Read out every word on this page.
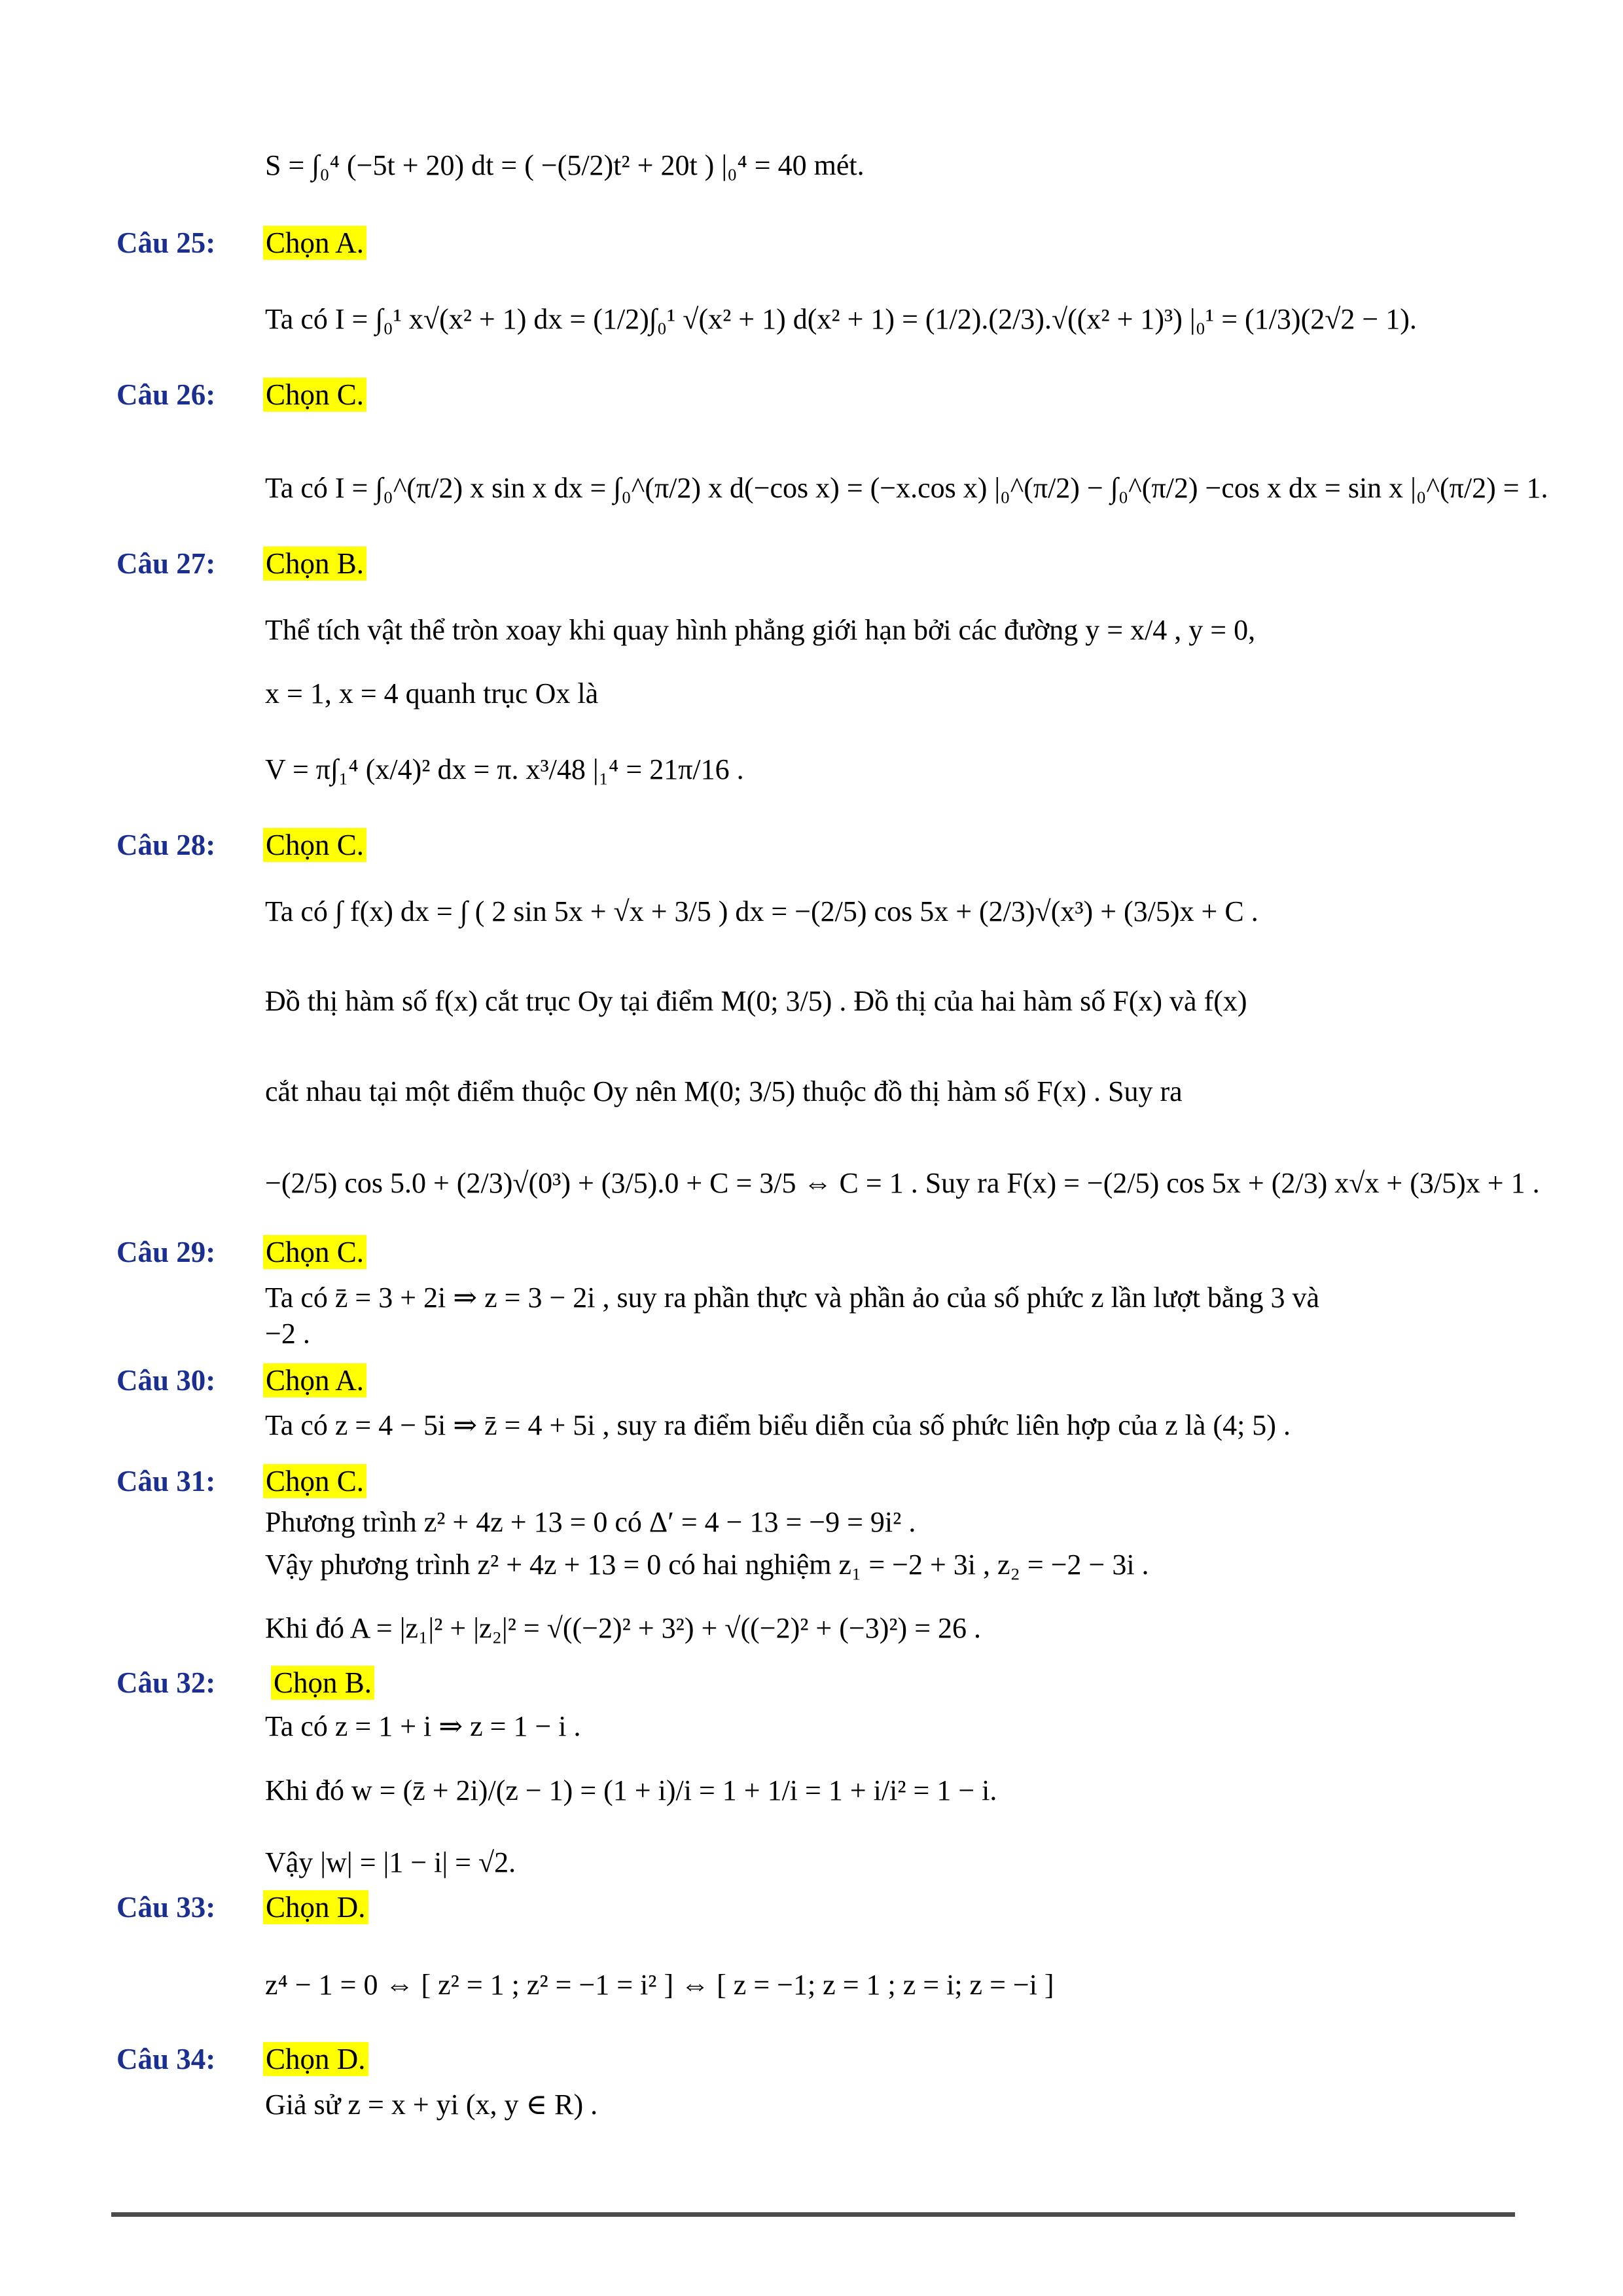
S = ∫₀⁴ (−5t + 20) dt = ( −(5/2)t² + 20t ) |₀⁴ = 40 mét.
Câu 25: Chọn A.
Ta có I = ∫₀¹ x√(x² + 1) dx = (1/2)∫₀¹ √(x² + 1) d(x² + 1) = (1/2).(2/3).√((x² + 1)³) |₀¹ = (1/3)(2√2 − 1).
Câu 26: Chọn C.
Ta có I = ∫₀^(π/2) x sin x dx = ∫₀^(π/2) x d(−cos x) = (−x.cos x) |₀^(π/2) − ∫₀^(π/2) −cos x dx = sin x |₀^(π/2) = 1.
Câu 27: Chọn B.
Thể tích vật thể tròn xoay khi quay hình phẳng giới hạn bởi các đường y = x/4 , y = 0,
x = 1, x = 4 quanh trục Ox là
V = π∫₁⁴ (x/4)² dx = π. x³/48 |₁⁴ = 21π/16 .
Câu 28: Chọn C.
Ta có ∫ f(x) dx = ∫ ( 2 sin 5x + √x + 3/5 ) dx = −(2/5) cos 5x + (2/3)√(x³) + (3/5)x + C .
Đồ thị hàm số f(x) cắt trục Oy tại điểm M(0; 3/5) . Đồ thị của hai hàm số F(x) và f(x)
cắt nhau tại một điểm thuộc Oy nên M(0; 3/5) thuộc đồ thị hàm số F(x) . Suy ra
−(2/5) cos 5.0 + (2/3)√(0³) + (3/5).0 + C = 3/5 ⇔ C = 1 . Suy ra F(x) = −(2/5) cos 5x + (2/3) x√x + (3/5)x + 1 .
Câu 29: Chọn C.
Ta có z̄ = 3 + 2i ⇒ z = 3 − 2i , suy ra phần thực và phần ảo của số phức z lần lượt bằng 3 và
−2 .
Câu 30: Chọn A.
Ta có z = 4 − 5i ⇒ z̄ = 4 + 5i , suy ra điểm biểu diễn của số phức liên hợp của z là (4; 5) .
Câu 31: Chọn C.
Phương trình z² + 4z + 13 = 0 có Δ′ = 4 − 13 = −9 = 9i² .
Vậy phương trình z² + 4z + 13 = 0 có hai nghiệm z₁ = −2 + 3i , z₂ = −2 − 3i .
Khi đó A = |z₁|² + |z₂|² = √((−2)² + 3²) + √((−2)² + (−3)²) = 26 .
Câu 32: Chọn B.
Ta có z = 1 + i ⇒ z = 1 − i .
Khi đó w = (z̄ + 2i)/(z − 1) = (1 + i)/i = 1 + 1/i = 1 + i/i² = 1 − i.
Vậy |w| = |1 − i| = √2.
Câu 33: Chọn D.
z⁴ − 1 = 0 ⇔ [ z² = 1 ; z² = −1 = i² ] ⇔ [ z = −1; z = 1 ; z = i; z = −i ]
Câu 34: Chọn D.
Giả sử z = x + yi (x, y ∈ R) .
